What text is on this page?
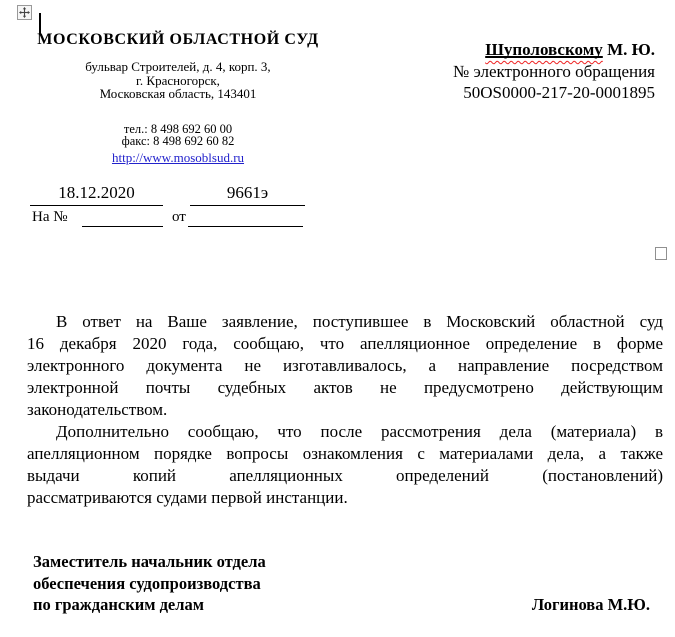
МОСКОВСКИЙ ОБЛАСТНОЙ СУД
бульвар Строителей, д. 4, корп. 3,
г. Красногорск,
Московская область, 143401
тел.: 8 498 692 60 00
факс: 8 498 692 60 82
http://www.mosoblsud.ru
18.12.2020	9661э
На №	от
Шуполовскому М. Ю.
№ электронного обращения
50OS0000-217-20-0001895
В ответ на Ваше заявление, поступившее в Московский областной суд
16 декабря 2020 года, сообщаю, что апелляционное определение в форме
электронного документа не изготавливалось, а направление посредством
электронной почты судебных актов не предусмотрено действующим
законодательством.
Дополнительно сообщаю, что после рассмотрения дела (материала) в
апелляционном порядке вопросы ознакомления с материалами дела, а также
выдачи копий апелляционных определений (постановлений)
рассматриваются судами первой инстанции.
Заместитель начальник отдела
обеспечения судопроизводства
по гражданским делам	Логинова М.Ю.
